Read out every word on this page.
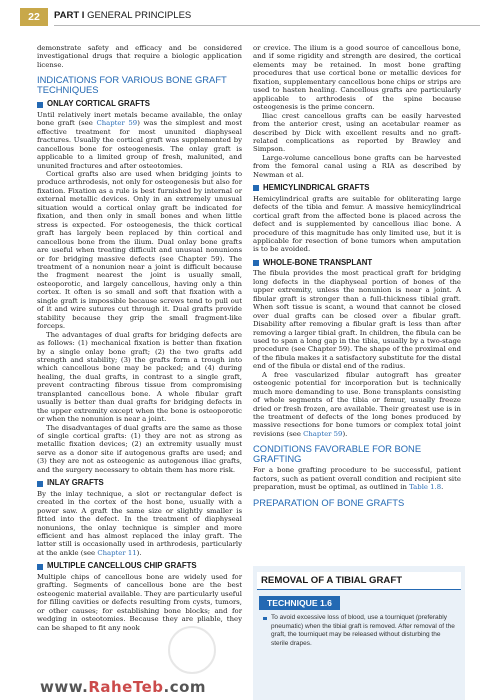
22	PART I GENERAL PRINCIPLES

demonstrate safety and efficacy and be considered investigational drugs that require a biologic application license.

INDICATIONS FOR VARIOUS BONE GRAFT TECHNIQUES
ONLAY CORTICAL GRAFTS

Until relatively inert metals became available, the onlay bone graft (see Chapter 59) was the simplest and most effective treatment for most ununited diaphyseal fractures. Usually the cortical graft was supplemented by cancellous bone for osteogenesis. The onlay graft is applicable to a limited group of fresh, malunited, and ununited fractures and after osteotomies.

Cortical grafts also are used when bridging joints to produce arthrodesis, not only for osteogenesis but also for fixation. Fixation as a rule is best furnished by internal or external metallic devices. Only in an extremely unusual situation would a cortical onlay graft be indicated for fixation, and then only in small bones and when little stress is expected. For osteogenesis, the thick cortical graft has largely been replaced by thin cortical and cancellous bone from the ilium. Dual onlay bone grafts are useful when treating difficult and unusual nonunions or for bridging massive defects (see Chapter 59). The treatment of a nonunion near a joint is difficult because the fragment nearest the joint is usually small, osteoporotic, and largely cancellous, having only a thin cortex. It often is so small and soft that fixation with a single graft is impossible because screws tend to pull out of it and wire sutures cut through it. Dual grafts provide stability because they grip the small fragment-like forceps.

The advantages of dual grafts for bridging defects are as follows: (1) mechanical fixation is better than fixation by a single onlay bone graft; (2) the two grafts add strength and stability; (3) the grafts form a trough into which cancellous bone may be packed; and (4) during healing, the dual grafts, in contrast to a single graft, prevent contracting fibrous tissue from compromising transplanted cancellous bone. A whole fibular graft usually is better than dual grafts for bridging defects in the upper extremity except when the bone is osteoporotic or when the nonunion is near a joint.

The disadvantages of dual grafts are the same as those of single cortical grafts: (1) they are not as strong as metallic fixation devices; (2) an extremity usually must serve as a donor site if autogenous grafts are used; and (3) they are not as osteogenic as autogenous iliac grafts, and the surgery necessary to obtain them has more risk.

INLAY GRAFTS

By the inlay technique, a slot or rectangular defect is created in the cortex of the host bone, usually with a power saw. A graft the same size or slightly smaller is fitted into the defect. In the treatment of diaphyseal nonunions, the onlay technique is simpler and more efficient and has almost replaced the inlay graft. The latter still is occasionally used in arthrodesis, particularly at the ankle (see Chapter 11).

MULTIPLE CANCELLOUS CHIP GRAFTS

Multiple chips of cancellous bone are widely used for grafting. Segments of cancellous bone are the best osteogenic material available. They are particularly useful for filling cavities or defects resulting from cysts, tumors, or other causes; for establishing bone blocks; and for wedging in osteotomies. Because they are pliable, they can be shaped to fit any nook

or crevice. The ilium is a good source of cancellous bone, and if some rigidity and strength are desired, the cortical elements may be retained. In most bone grafting procedures that use cortical bone or metallic devices for fixation, supplementary cancellous bone chips or strips are used to hasten healing. Cancellous grafts are particularly applicable to arthrodesis of the spine because osteogenesis is the prime concern.

Iliac crest cancellous grafts can be easily harvested from the anterior crest, using an acetabular reamer as described by Dick with excellent results and no graft-related complications as reported by Brawley and Simpson.

Large-volume cancellous bone grafts can be harvested from the femoral canal using a RIA as described by Newman et al.

HEMICYLINDRICAL GRAFTS

Hemicylindrical grafts are suitable for obliterating large defects of the tibia and femur. A massive hemicylindrical cortical graft from the affected bone is placed across the defect and is supplemented by cancellous iliac bone. A procedure of this magnitude has only limited use, but it is applicable for resection of bone tumors when amputation is to be avoided.

WHOLE-BONE TRANSPLANT

The fibula provides the most practical graft for bridging long defects in the diaphyseal portion of bones of the upper extremity, unless the nonunion is near a joint. A fibular graft is stronger than a full-thickness tibial graft. When soft tissue is scant, a wound that cannot be closed over dual grafts can be closed over a fibular graft. Disability after removing a fibular graft is less than after removing a larger tibial graft. In children, the fibula can be used to span a long gap in the tibia, usually by a two-stage procedure (see Chapter 59). The shape of the proximal end of the fibula makes it a satisfactory substitute for the distal end of the fibula or distal end of the radius.

A free vascularized fibular autograft has greater osteogenic potential for incorporation but is technically much more demanding to use. Bone transplants consisting of whole segments of the tibia or femur, usually freeze dried or fresh frozen, are available. Their greatest use is in the treatment of defects of the long bones produced by massive resections for bone tumors or complex total joint revisions (see Chapter 59).

CONDITIONS FAVORABLE FOR BONE GRAFTING

For a bone grafting procedure to be successful, patient factors, such as patient overall condition and recipient site preparation, must be optimal, as outlined in Table 1.8.

PREPARATION OF BONE GRAFTS
REMOVAL OF A TIBIAL GRAFT
TECHNIQUE 1.6
To avoid excessive loss of blood, use a tourniquet (preferably pneumatic) when the tibial graft is removed. After removal of the graft, the tourniquet may be released without disturbing the sterile drapes.
www.RaheTeb.com
